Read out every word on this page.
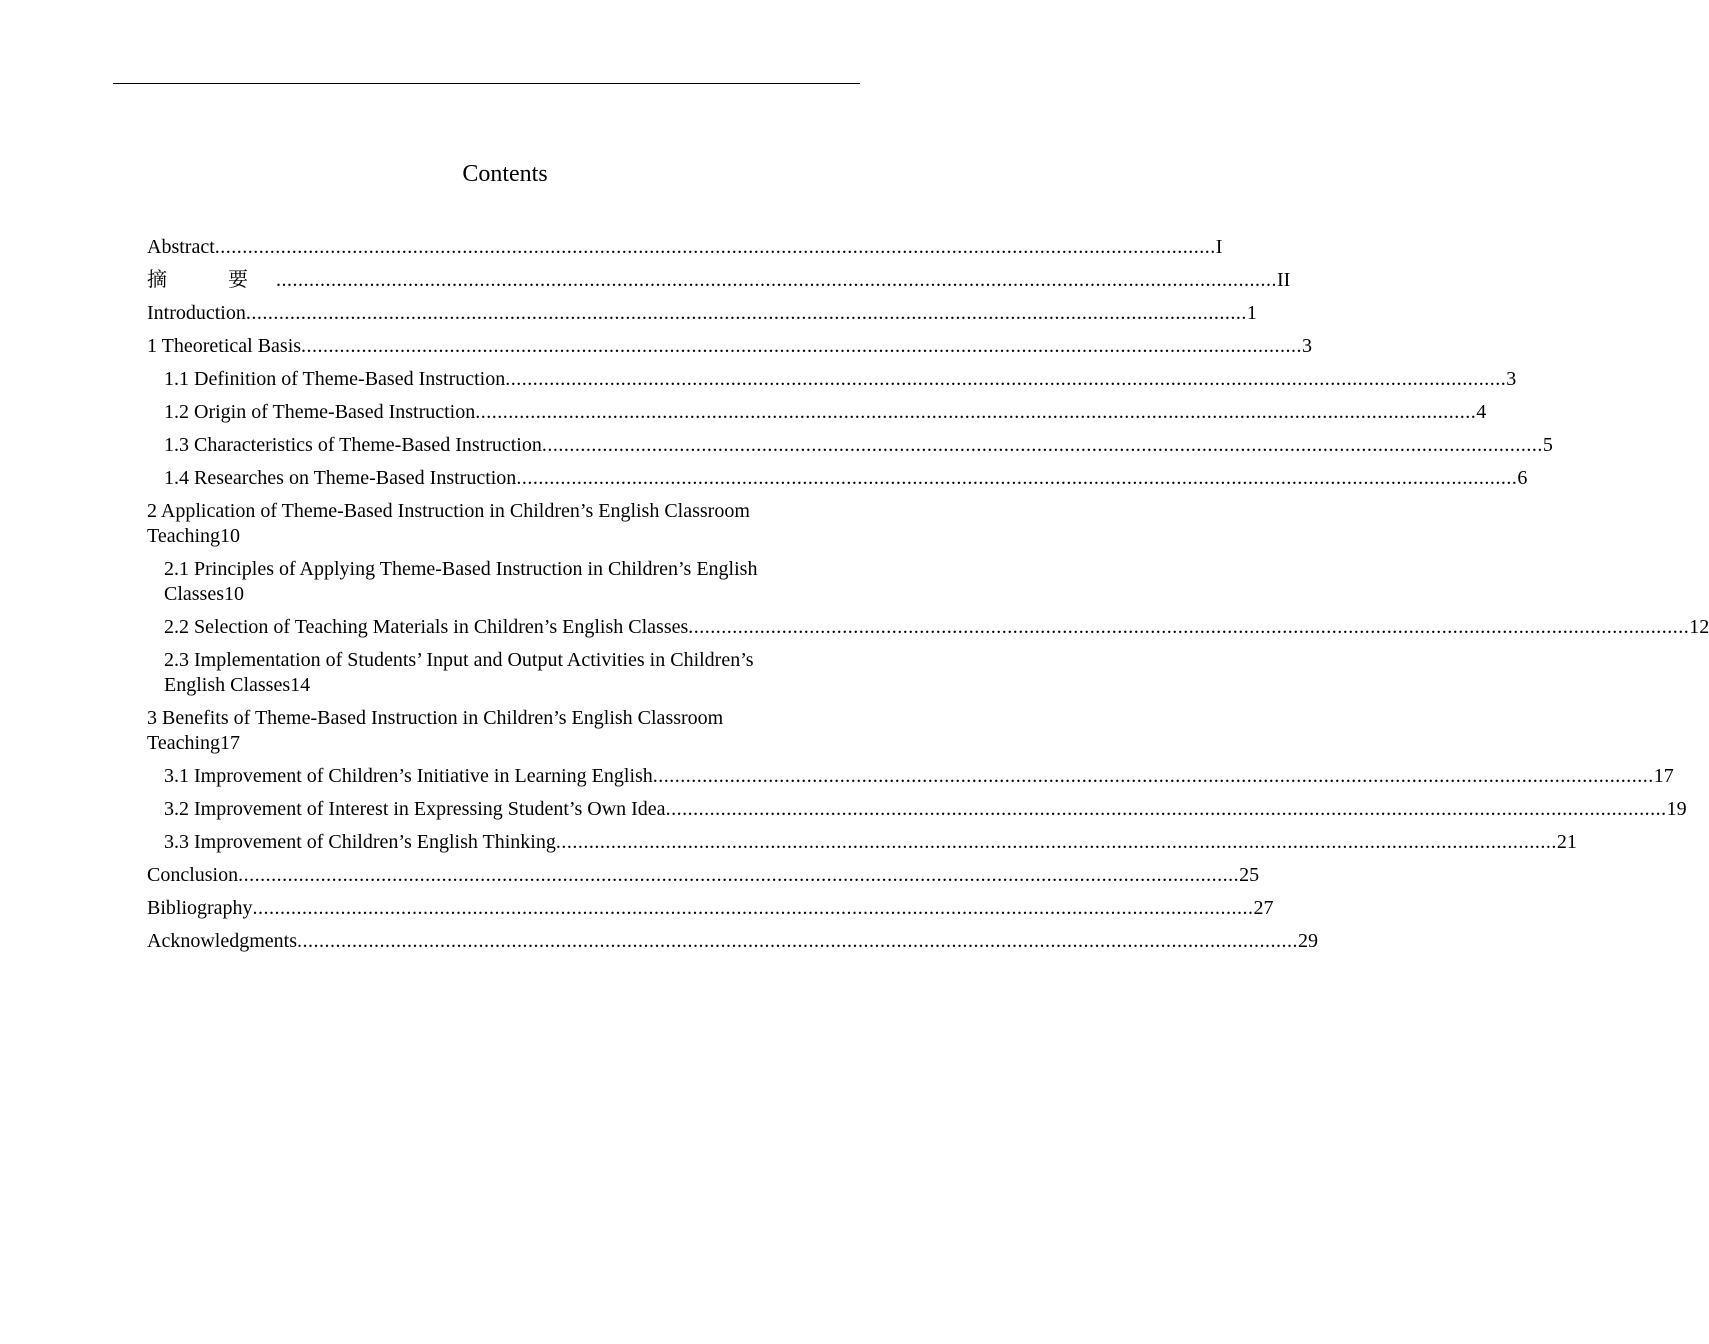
Contents
Abstract ...................................................................................................................................................................................... I
摘 要 ...................................................................................................................................................................................... II
Introduction ...................................................................................................................................................................................... 1
1 Theoretical Basis ...................................................................................................................................................................................... 3
1.1 Definition of Theme-Based Instruction ...................................................................................................................................................................................... 3
1.2 Origin of Theme-Based Instruction ...................................................................................................................................................................................... 4
1.3 Characteristics of Theme-Based Instruction ...................................................................................................................................................................................... 5
1.4 Researches on Theme-Based Instruction ...................................................................................................................................................................................... 6
2 Application of Theme-Based Instruction in Children’s English Classroom
Teaching 10
2.1 Principles of Applying Theme-Based Instruction in Children’s English
Classes 10
2.2 Selection of Teaching Materials in Children’s English Classes ...................................................................................................................................................................................... 12
2.3 Implementation of Students’ Input and Output Activities in Children’s
English Classes 14
3 Benefits of Theme-Based Instruction in Children’s English Classroom
Teaching 17
3.1 Improvement of Children’s Initiative in Learning English ...................................................................................................................................................................................... 17
3.2 Improvement of Interest in Expressing Student’s Own Idea ...................................................................................................................................................................................... 19
3.3 Improvement of Children’s English Thinking ...................................................................................................................................................................................... 21
Conclusion ...................................................................................................................................................................................... 25
Bibliography ...................................................................................................................................................................................... 27
Acknowledgments ...................................................................................................................................................................................... 29
